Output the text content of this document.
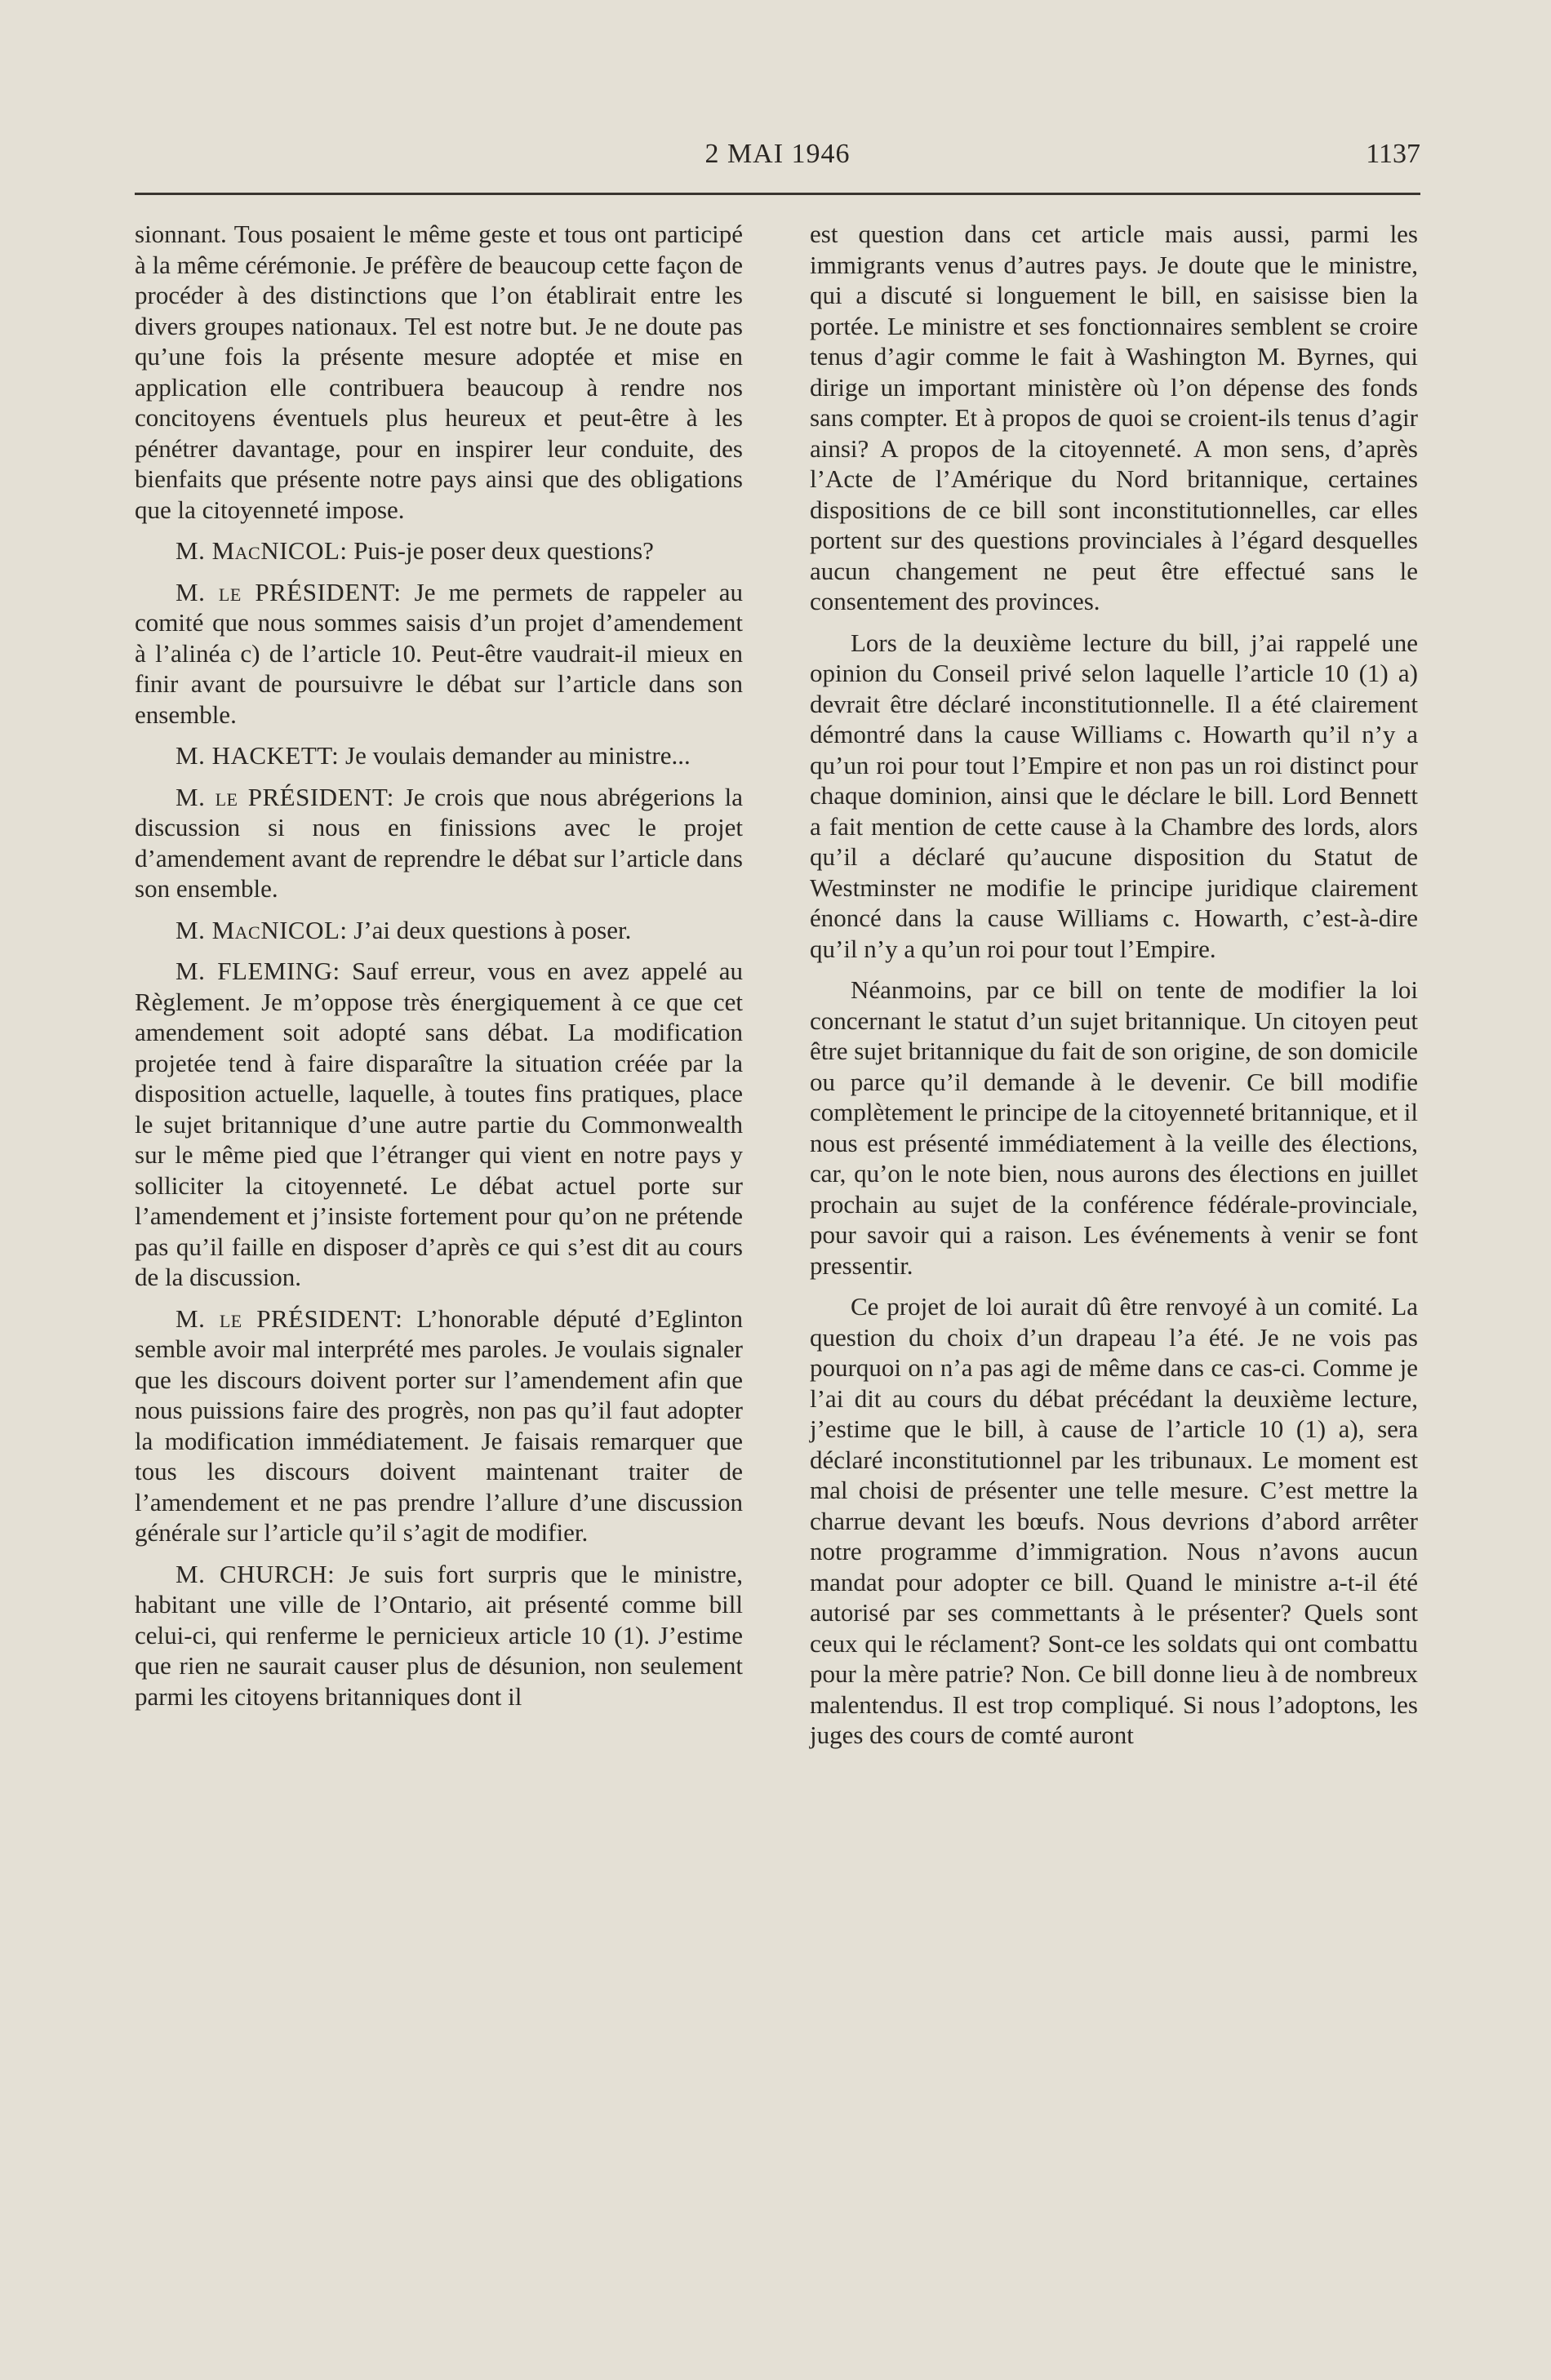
2 MAI 1946	1137

sionnant. Tous posaient le même geste et tous ont participé à la même cérémonie. Je préfère de beaucoup cette façon de procéder à des distinctions que l’on établirait entre les divers groupes nationaux. Tel est notre but. Je ne doute pas qu’une fois la présente mesure adoptée et mise en application elle contribuera beaucoup à rendre nos concitoyens éventuels plus heureux et peut-être à les pénétrer davantage, pour en inspirer leur conduite, des bienfaits que présente notre pays ainsi que des obligations que la citoyenneté impose.

M. MacNICOL: Puis-je poser deux questions?

M. le PRÉSIDENT: Je me permets de rappeler au comité que nous sommes saisis d’un projet d’amendement à l’alinéa c) de l’article 10. Peut-être vaudrait-il mieux en finir avant de poursuivre le débat sur l’article dans son ensemble.

M. HACKETT: Je voulais demander au ministre...

M. le PRÉSIDENT: Je crois que nous abrégerions la discussion si nous en finissions avec le projet d’amendement avant de reprendre le débat sur l’article dans son ensemble.

M. MacNICOL: J’ai deux questions à poser.

M. FLEMING: Sauf erreur, vous en avez appelé au Règlement. Je m’oppose très énergiquement à ce que cet amendement soit adopté sans débat. La modification projetée tend à faire disparaître la situation créée par la disposition actuelle, laquelle, à toutes fins pratiques, place le sujet britannique d’une autre partie du Commonwealth sur le même pied que l’étranger qui vient en notre pays y solliciter la citoyenneté. Le débat actuel porte sur l’amendement et j’insiste fortement pour qu’on ne prétende pas qu’il faille en disposer d’après ce qui s’est dit au cours de la discussion.

M. le PRÉSIDENT: L’honorable député d’Eglinton semble avoir mal interprété mes paroles. Je voulais signaler que les discours doivent porter sur l’amendement afin que nous puissions faire des progrès, non pas qu’il faut adopter la modification immédiatement. Je faisais remarquer que tous les discours doivent maintenant traiter de l’amendement et ne pas prendre l’allure d’une discussion générale sur l’article qu’il s’agit de modifier.

M. CHURCH: Je suis fort surpris que le ministre, habitant une ville de l’Ontario, ait présenté comme bill celui-ci, qui renferme le pernicieux article 10 (1). J’estime que rien ne saurait causer plus de désunion, non seulement parmi les citoyens britanniques dont il

est question dans cet article mais aussi, parmi les immigrants venus d’autres pays. Je doute que le ministre, qui a discuté si longuement le bill, en saisisse bien la portée. Le ministre et ses fonctionnaires semblent se croire tenus d’agir comme le fait à Washington M. Byrnes, qui dirige un important ministère où l’on dépense des fonds sans compter. Et à propos de quoi se croient-ils tenus d’agir ainsi? A propos de la citoyenneté. A mon sens, d’après l’Acte de l’Amérique du Nord britannique, certaines dispositions de ce bill sont inconstitutionnelles, car elles portent sur des questions provinciales à l’égard desquelles aucun changement ne peut être effectué sans le consentement des provinces.

Lors de la deuxième lecture du bill, j’ai rappelé une opinion du Conseil privé selon laquelle l’article 10 (1) a) devrait être déclaré inconstitutionnelle. Il a été clairement démontré dans la cause Williams c. Howarth qu’il n’y a qu’un roi pour tout l’Empire et non pas un roi distinct pour chaque dominion, ainsi que le déclare le bill. Lord Bennett a fait mention de cette cause à la Chambre des lords, alors qu’il a déclaré qu’aucune disposition du Statut de Westminster ne modifie le principe juridique clairement énoncé dans la cause Williams c. Howarth, c’est-à-dire qu’il n’y a qu’un roi pour tout l’Empire.

Néanmoins, par ce bill on tente de modifier la loi concernant le statut d’un sujet britannique. Un citoyen peut être sujet britannique du fait de son origine, de son domicile ou parce qu’il demande à le devenir. Ce bill modifie complètement le principe de la citoyenneté britannique, et il nous est présenté immédiatement à la veille des élections, car, qu’on le note bien, nous aurons des élections en juillet prochain au sujet de la conférence fédérale-provinciale, pour savoir qui a raison. Les événements à venir se font pressentir.

Ce projet de loi aurait dû être renvoyé à un comité. La question du choix d’un drapeau l’a été. Je ne vois pas pourquoi on n’a pas agi de même dans ce cas-ci. Comme je l’ai dit au cours du débat précédant la deuxième lecture, j’estime que le bill, à cause de l’article 10 (1) a), sera déclaré inconstitutionnel par les tribunaux. Le moment est mal choisi de présenter une telle mesure. C’est mettre la charrue devant les bœufs. Nous devrions d’abord arrêter notre programme d’immigration. Nous n’avons aucun mandat pour adopter ce bill. Quand le ministre a-t-il été autorisé par ses commettants à le présenter? Quels sont ceux qui le réclament? Sont-ce les soldats qui ont combattu pour la mère patrie? Non. Ce bill donne lieu à de nombreux malentendus. Il est trop compliqué. Si nous l’adoptons, les juges des cours de comté auront
